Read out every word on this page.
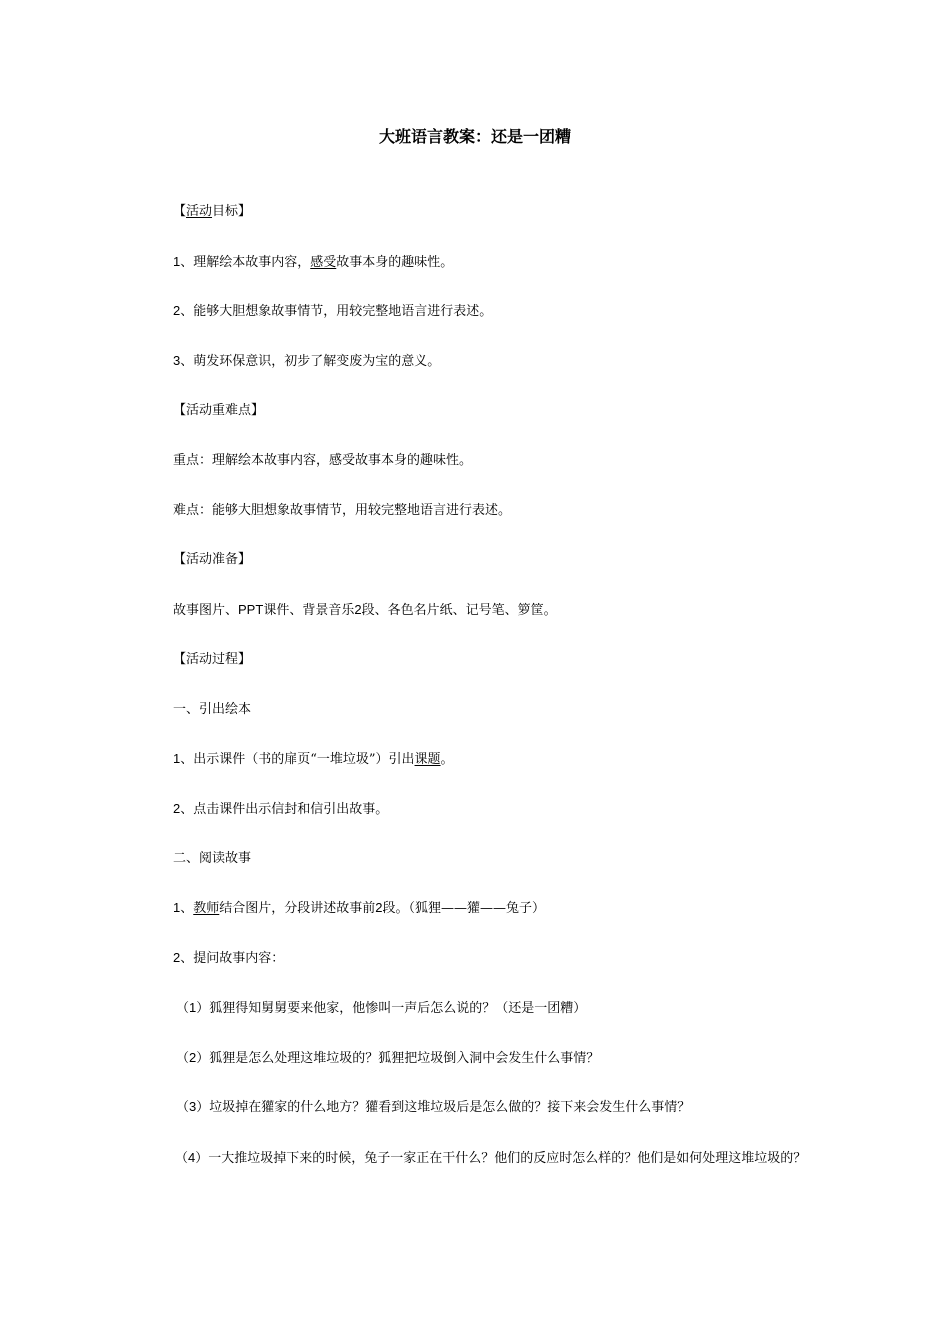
大班语言教案：还是一团糟
【活动目标】
1、理解绘本故事内容，感受故事本身的趣味性。
2、能够大胆想象故事情节，用较完整地语言进行表述。
3、萌发环保意识，初步了解变废为宝的意义。
【活动重难点】
重点：理解绘本故事内容，感受故事本身的趣味性。
难点：能够大胆想象故事情节，用较完整地语言进行表述。
【活动准备】
故事图片、PPT课件、背景音乐2段、各色名片纸、记号笔、箩筐。
【活动过程】
一、引出绘本
1、出示课件（书的扉页“一堆垃圾”）引出课题。
2、点击课件出示信封和信引出故事。
二、阅读故事
1、教师结合图片，分段讲述故事前2段。（狐狸——獾——兔子）
2、提问故事内容：
（1）狐狸得知舅舅要来他家，他惨叫一声后怎么说的？（还是一团糟）
（2）狐狸是怎么处理这堆垃圾的？狐狸把垃圾倒入洞中会发生什么事情？
（3）垃圾掉在獾家的什么地方？獾看到这堆垃圾后是怎么做的？接下来会发生什么事情？
（4）一大推垃圾掉下来的时候，兔子一家正在干什么？他们的反应时怎么样的？他们是如何处理这堆垃圾的？
